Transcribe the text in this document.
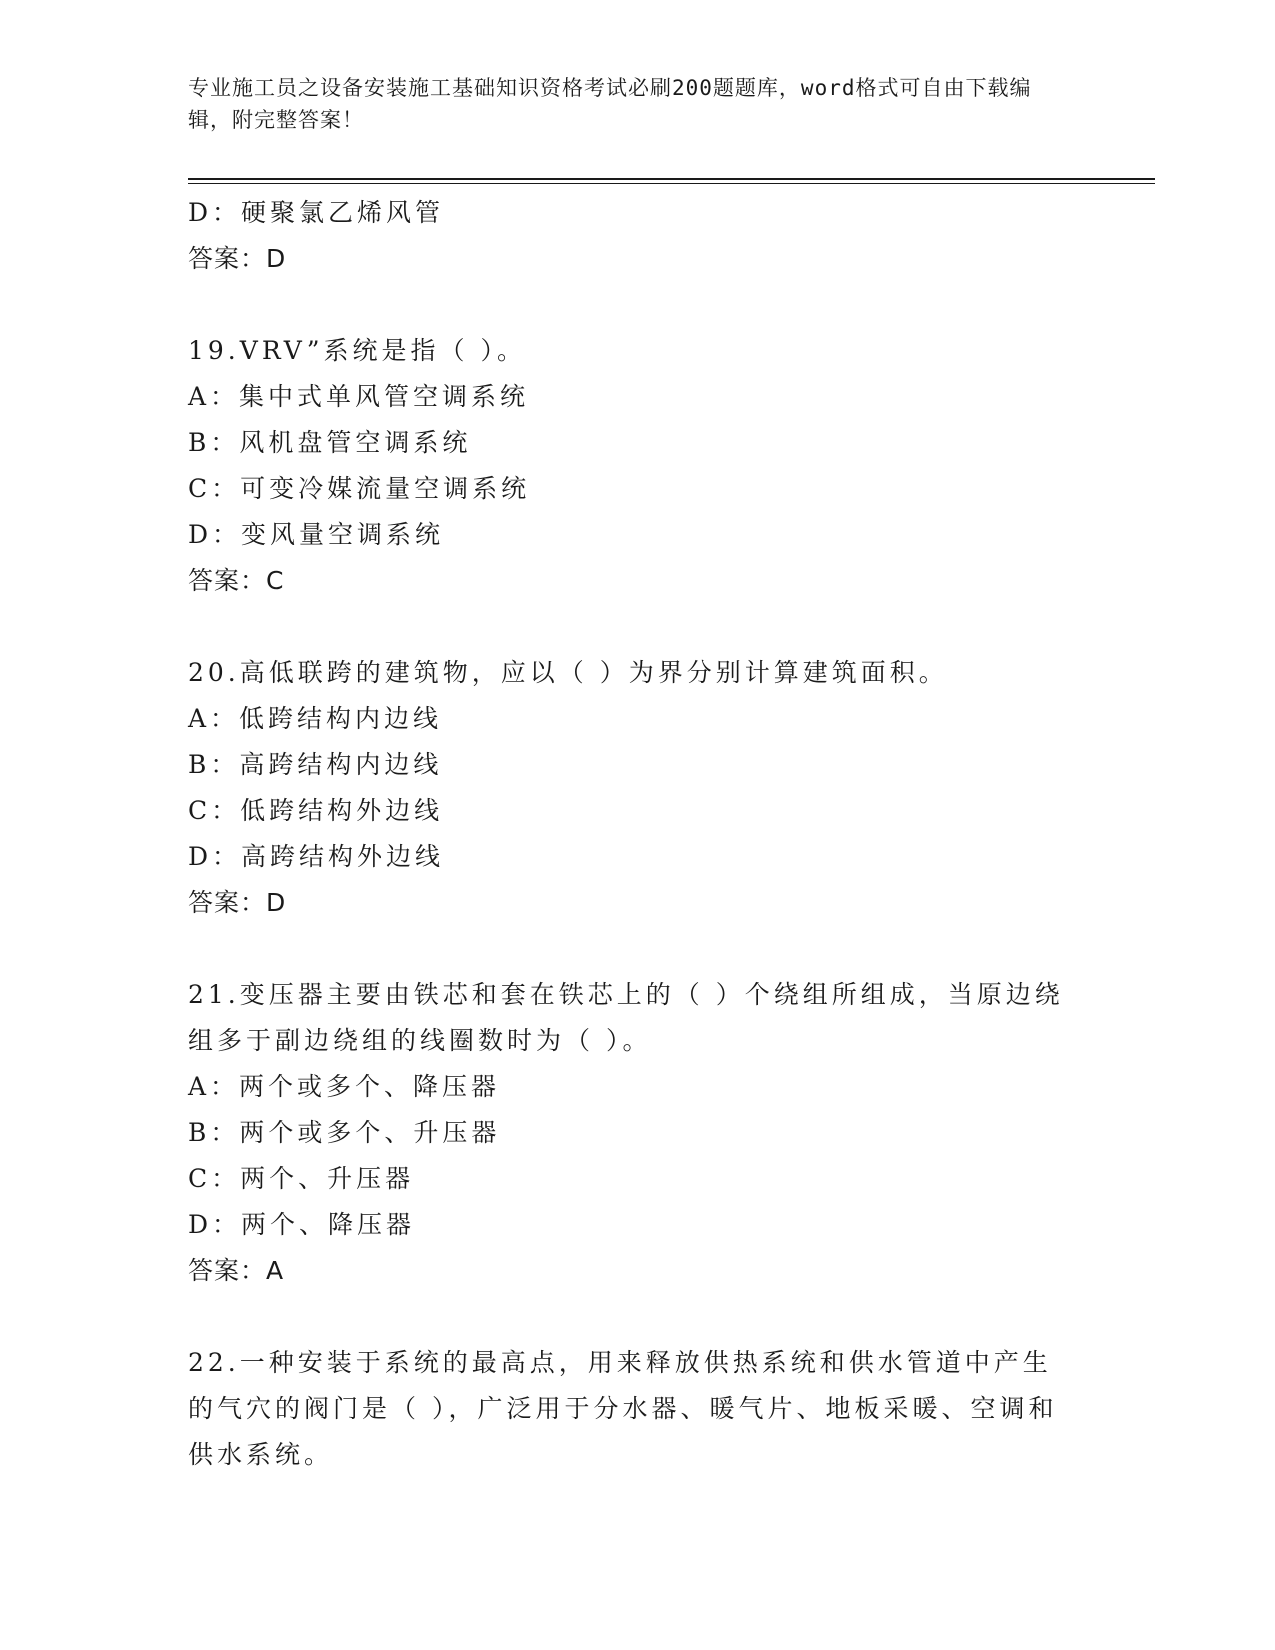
专业施工员之设备安装施工基础知识资格考试必刷200题题库，word格式可自由下载编辑，附完整答案！
D：硬聚氯乙烯风管
答案：D
19.VRV”系统是指（ ）。
A：集中式单风管空调系统
B：风机盘管空调系统
C：可变冷媒流量空调系统
D：变风量空调系统
答案：C
20.高低联跨的建筑物，应以（ ）为界分别计算建筑面积。
A：低跨结构内边线
B：高跨结构内边线
C：低跨结构外边线
D：高跨结构外边线
答案：D
21.变压器主要由铁芯和套在铁芯上的（ ）个绕组所组成，当原边绕组多于副边绕组的线圈数时为（ ）。
A：两个或多个、降压器
B：两个或多个、升压器
C：两个、升压器
D：两个、降压器
答案：A
22.一种安装于系统的最高点，用来释放供热系统和供水管道中产生的气穴的阀门是（ ），广泛用于分水器、暖气片、地板采暖、空调和供水系统。
